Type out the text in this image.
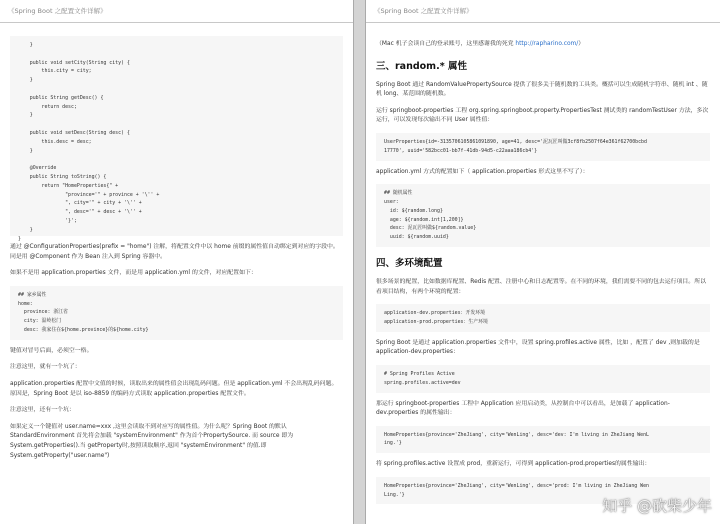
《Spring Boot 之配置文件详解》
}

public void setCity(String city) {
this.city = city;
}

public String getDesc() {
return desc;
}

public void setDesc(String desc) {
this.desc = desc;
}

@Override
public String toString() {
return "HomeProperties{" +
"province='" + province + '\'' +
", city='" + city + '\'' +
", desc='" + desc + '\'' +
'}';
}
}

通过 @ConfigurationProperties(prefix = "home") 注解，将配置文件中以 home 前缀的属性值自动绑定到对应的字段中。同是用 @Component 作为 Bean 注入到 Spring 容器中。

如果不是用 application.properties 文件，而是用 application.yml 的文件，对应配置如下：

## 家乡属性
home:
province: 浙江省
city: 温岭松门
desc: 我家住在${home.province}的${home.city}

键值对冒号后面，必须空一格。

注意这里，就有一个坑了：

application.properties 配置中文值的时候，读取出来的属性值会出现乱码问题。但是 application.yml 不会出现乱码问题。原因是，Spring Boot 是以 iso-8859 的编码方式读取 application.properties 配置文件。

注意这里，还有一个坑：

如果定义一个键值对 user.name=xxx ,这里会读取不到对应写的属性值。为什么呢？Spring Boot 的默认 StandardEnvironment 首先将会加载 "systemEnvironment" 作为首个PropertySource. 而 source 即为System.getProperties().当 getProperty时,按照读取顺序,返回 "systemEnvironment" 的值.即 System.getProperty("user.name")

《Spring Boot 之配置文件详解》

（Mac 机子会读自己的登录账号，这里感谢我的死党 http://rapharino.com/）

三、random.* 属性

Spring Boot 通过 RandomValuePropertySource 提供了很多关于随机数的工具类。概括可以生成随机字符串、随机 int 、随机 long、某范围的随机数。

运行 springboot-properties 工程 org.spring.springboot.property.PropertiesTest 测试类的 randomTestUser 方法，多次运行，可以发现每次输出不同 User 属性值：

UserProperties{id=-3135706105861091890, age=41, desc='泥瓦匠叫做3cf8fb2507f64e361f62700bcbd
17770', uuid='582bcc01-bb7f-41db-94d5-c22aaa186cb4'}

application.yml 方式的配置如下（ application.properties 形式这里不写了）：

## 随机属性
user:
id: ${random.long}
age: ${random.int[1,200]}
desc: 泥瓦匠叫做${random.value}
uuid: ${random.uuid}
四、多环境配置

很多场景的配置，比如数据库配置、Redis 配置、注册中心和日志配置等。在不同的环境，我们需要不同的包去运行项目。所以看项目结构，有两个环境的配置：

application-dev.properties：开发环境
application-prod.properties：生产环境

Spring Boot 是通过 application.properties 文件中，设置 spring.profiles.active 属性，比如 ，配置了 dev ,则加载的是 application-dev.properties：

# Spring Profiles Active
spring.profiles.active=dev

那运行 springboot-properties 工程中 Application 应用启动类，从控制台中可以看出，是加载了 application-dev.properties 的属性输出：

HomeProperties{province='ZheJiang', city='WenLing', desc='dev: I'm living in ZheJiang WenL
ing.'}

将 spring.profiles.active 设置成 prod，重新运行，可得到 application-prod.properties的属性输出：

HomeProperties{province='ZheJiang', city='WenLing', desc='prod: I'm living in ZheJiang Wen
Ling.'}
知乎 @砍柴少年
